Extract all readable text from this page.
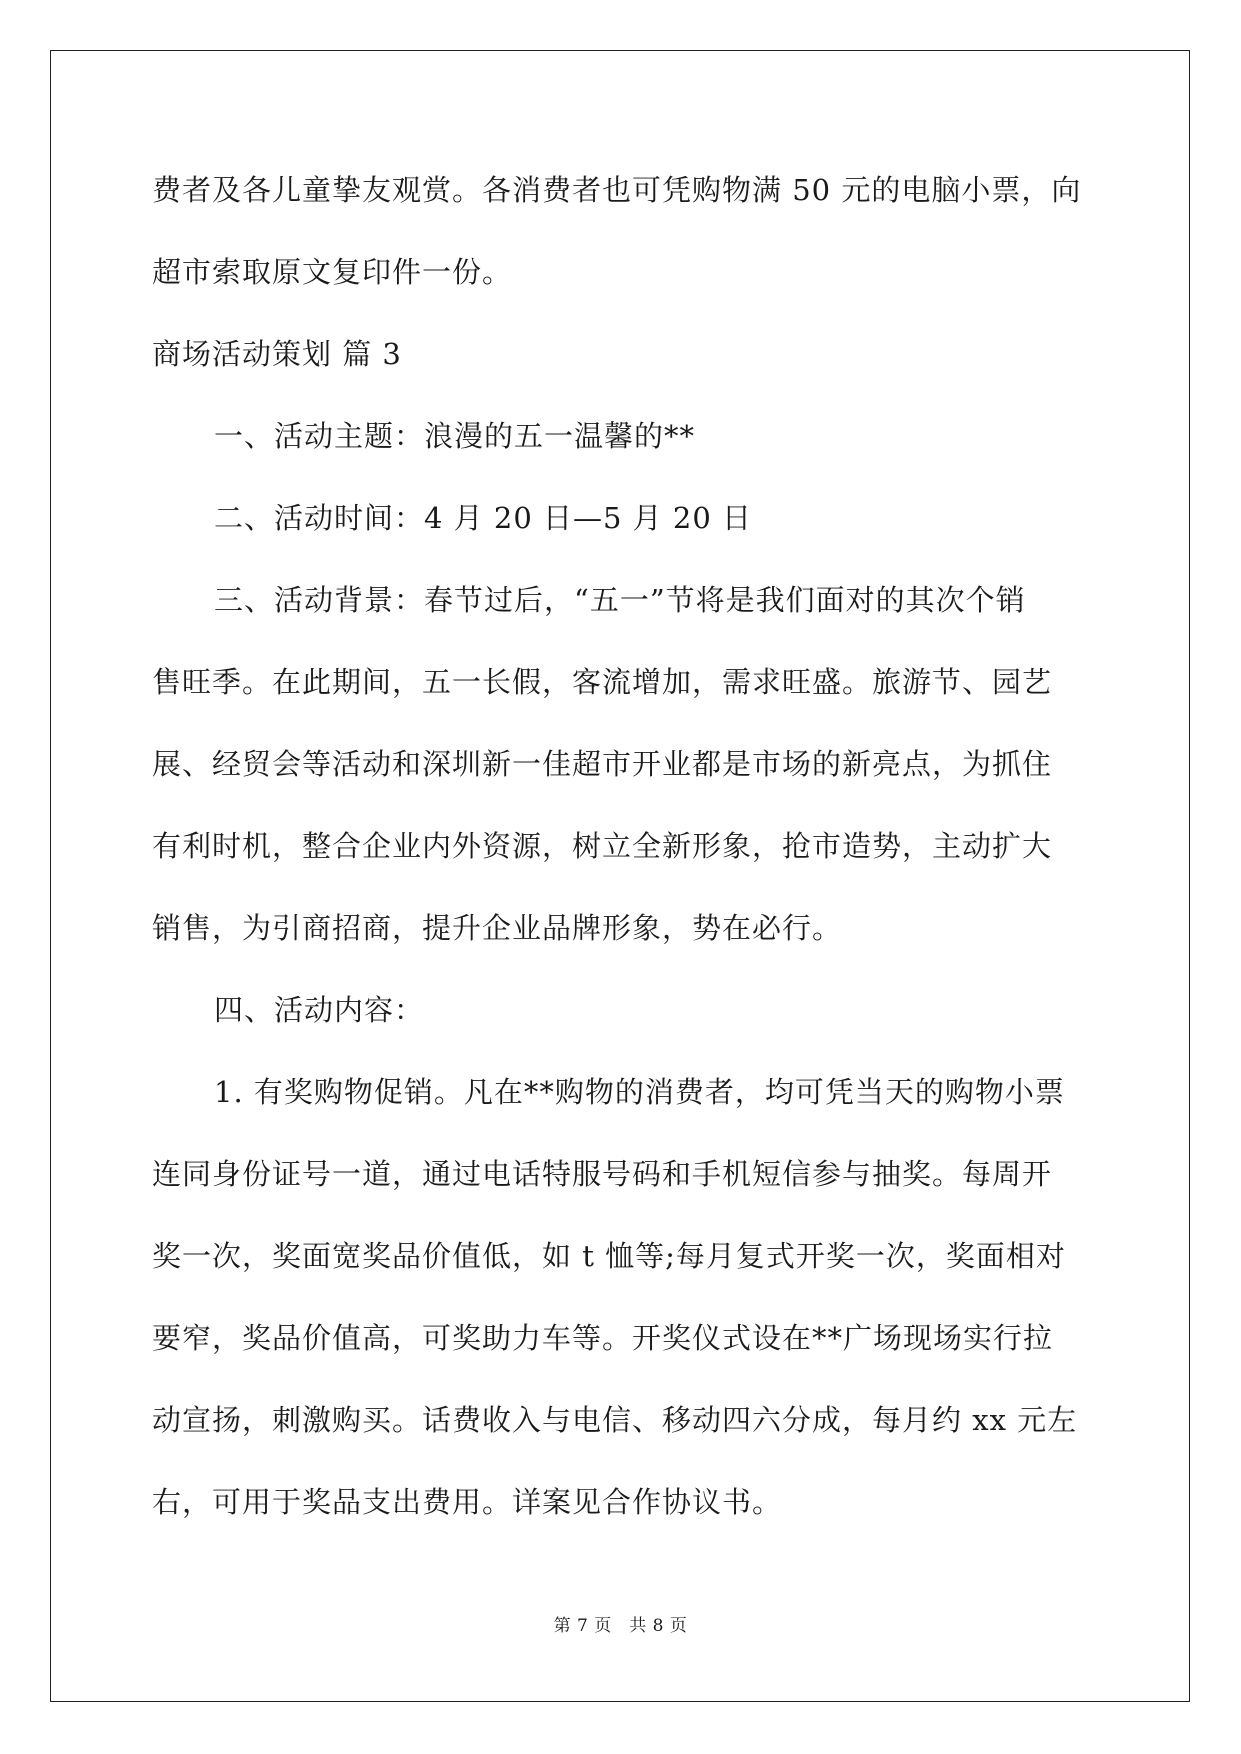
费者及各儿童挚友观赏。各消费者也可凭购物满 50 元的电脑小票，向
超市索取原文复印件一份。
商场活动策划 篇 3
一、活动主题：浪漫的五一温馨的**
二、活动时间：4 月 20 日—5 月 20 日
三、活动背景：春节过后，“五一”节将是我们面对的其次个销
售旺季。在此期间，五一长假，客流增加，需求旺盛。旅游节、园艺
展、经贸会等活动和深圳新一佳超市开业都是市场的新亮点，为抓住
有利时机，整合企业内外资源，树立全新形象，抢市造势，主动扩大
销售，为引商招商，提升企业品牌形象，势在必行。
四、活动内容：
1. 有奖购物促销。凡在**购物的消费者，均可凭当天的购物小票
连同身份证号一道，通过电话特服号码和手机短信参与抽奖。每周开
奖一次，奖面宽奖品价值低，如 t 恤等;每月复式开奖一次，奖面相对
要窄，奖品价值高，可奖助力车等。开奖仪式设在**广场现场实行拉
动宣扬，刺激购买。话费收入与电信、移动四六分成，每月约 xx 元左
右，可用于奖品支出费用。详案见合作协议书。
第 7 页　共 8 页
